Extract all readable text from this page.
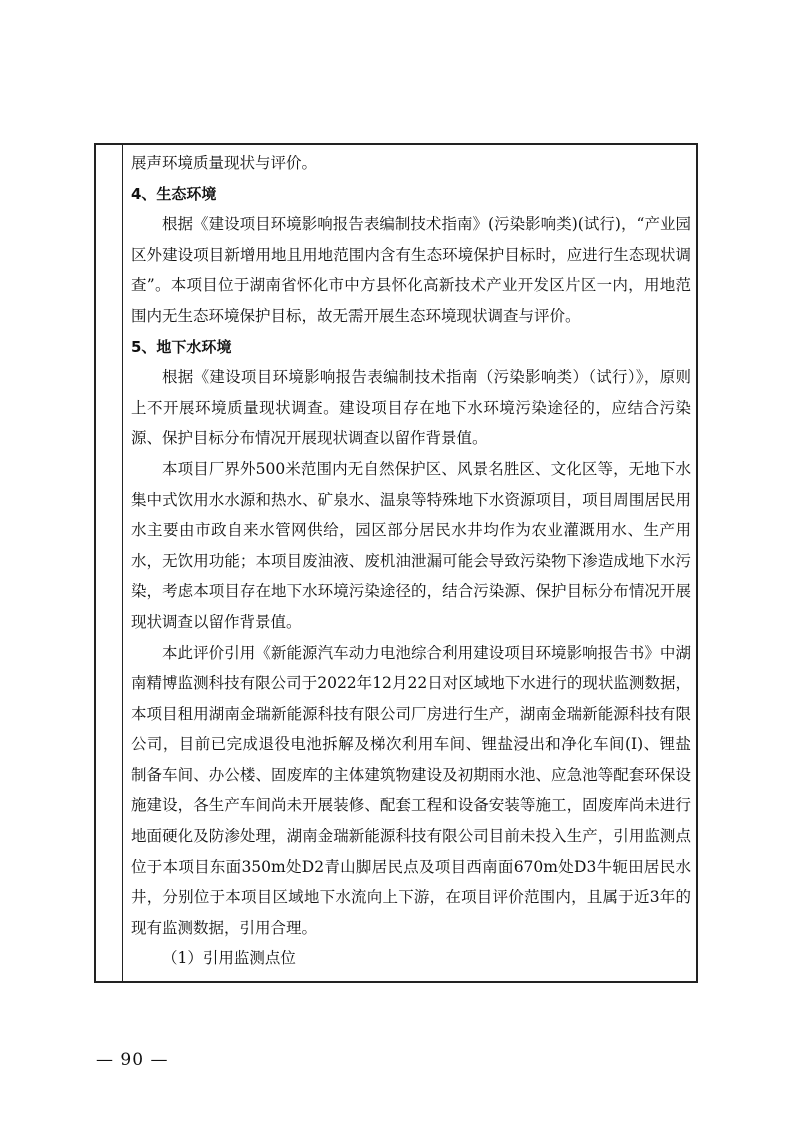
展声环境质量现状与评价。

4、生态环境

根据《建设项目环境影响报告表编制技术指南》(污染影响类)(试行)，“产业园区外建设项目新增用地且用地范围内含有生态环境保护目标时，应进行生态现状调查”。本项目位于湖南省怀化市中方县怀化高新技术产业开发区片区一内，用地范围内无生态环境保护目标，故无需开展生态环境现状调查与评价。

5、地下水环境

根据《建设项目环境影响报告表编制技术指南（污染影响类）（试行）》，原则上不开展环境质量现状调查。建设项目存在地下水环境污染途径的，应结合污染源、保护目标分布情况开展现状调查以留作背景值。

本项目厂界外500米范围内无自然保护区、风景名胜区、文化区等，无地下水集中式饮用水水源和热水、矿泉水、温泉等特殊地下水资源项目，项目周围居民用水主要由市政自来水管网供给，园区部分居民水井均作为农业灌溉用水、生产用水，无饮用功能；本项目废油液、废机油泄漏可能会导致污染物下渗造成地下水污染，考虑本项目存在地下水环境污染途径的，结合污染源、保护目标分布情况开展现状调查以留作背景值。

本此评价引用《新能源汽车动力电池综合利用建设项目环境影响报告书》中湖南精博监测科技有限公司于2022年12月22日对区域地下水进行的现状监测数据，本项目租用湖南金瑞新能源科技有限公司厂房进行生产，湖南金瑞新能源科技有限公司，目前已完成退役电池拆解及梯次利用车间、锂盐浸出和净化车间(I)、锂盐制备车间、办公楼、固废库的主体建筑物建设及初期雨水池、应急池等配套环保设施建设，各生产车间尚未开展装修、配套工程和设备安装等施工，固废库尚未进行地面硬化及防渗处理，湖南金瑞新能源科技有限公司目前未投入生产，引用监测点位于本项目东面350m处D2青山脚居民点及项目西南面670m处D3牛轭田居民水井，分别位于本项目区域地下水流向上下游，在项目评价范围内，且属于近3年的现有监测数据，引用合理。

（1）引用监测点位

— 90 —
